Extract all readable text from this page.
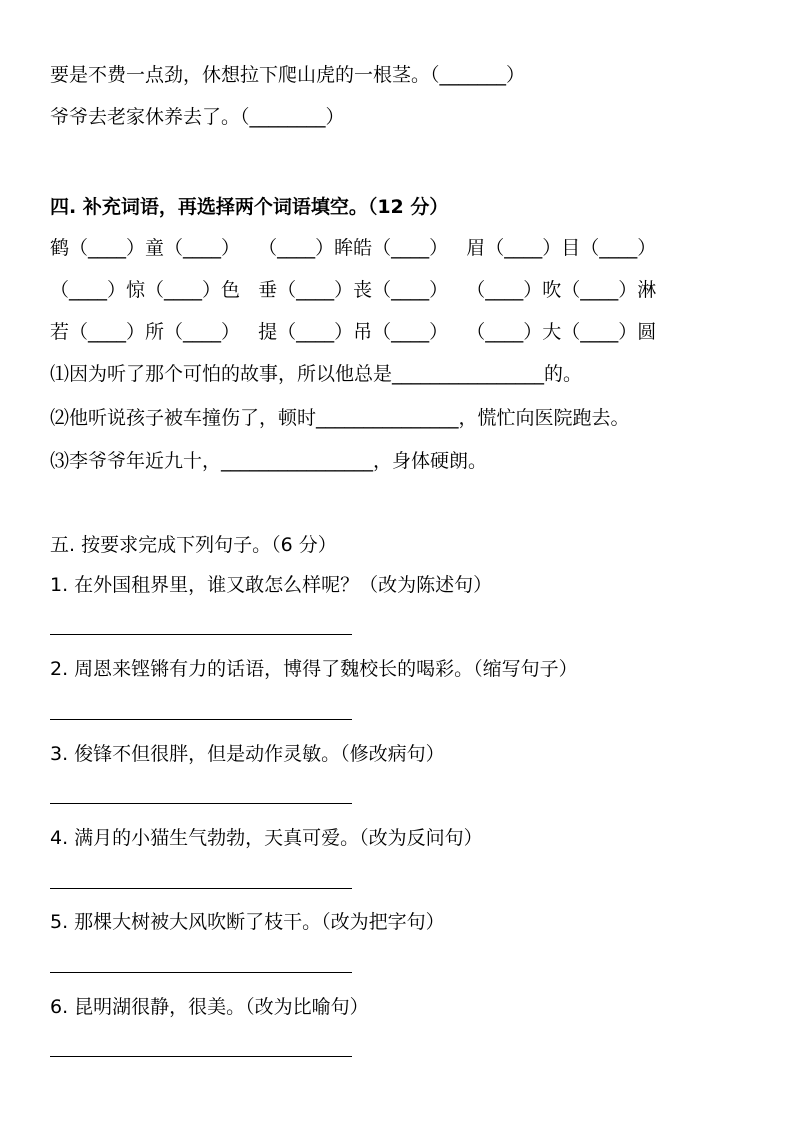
要是不费一点劲，休想拉下爬山虎的一根茎。（_______）
爷爷去老家休养去了。（________）
四. 补充词语，再选择两个词语填空。（12 分）
鹤（____）童（____）   （____）眸皓（____）   眉（____）目（____）
（____）惊（____）色   垂（____）丧（____）   （____）吹（____）淋
若（____）所（____）   提（____）吊（____）   （____）大（____）圆
⑴因为听了那个可怕的故事，所以他总是________________的。
⑵他听说孩子被车撞伤了，顿时_______________，慌忙向医院跑去。
⑶李爷爷年近九十，________________，身体硬朗。
五. 按要求完成下列句子。（6 分）
1. 在外国租界里，谁又敢怎么样呢？（改为陈述句）
2. 周恩来铿锵有力的话语，博得了魏校长的喝彩。（缩写句子）
3. 俊锋不但很胖，但是动作灵敏。（修改病句）
4. 满月的小猫生气勃勃，天真可爱。（改为反问句）
5. 那棵大树被大风吹断了枝干。（改为把字句）
6. 昆明湖很静，很美。（改为比喻句）
